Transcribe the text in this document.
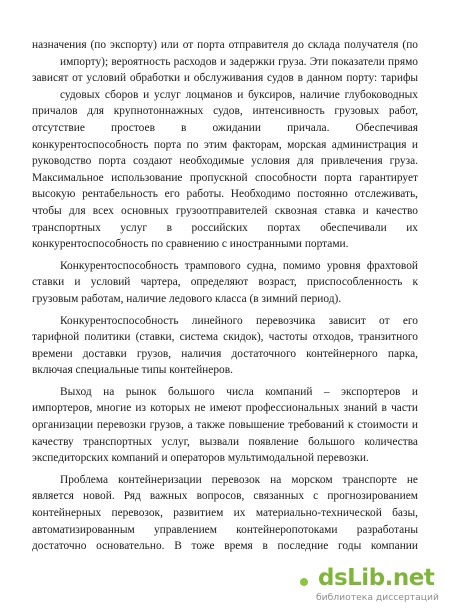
назначения (по экспорту) или от порта отправителя до склада получателя (по
импорту); вероятность расходов и задержки груза. Эти показатели прямо
зависят от условий обработки и обслуживания судов в данном порту: тарифы
судовых сборов и услуг лоцманов и буксиров, наличие глубоководных
причалов для крупнотоннажных судов, интенсивность грузовых работ,
отсутствие простоев в ожидании причала. Обеспечивая
конкурентоспособность порта по этим факторам, морская администрация и
руководство порта создают необходимые условия для привлечения груза.
Максимальное использование пропускной способности порта гарантирует
высокую рентабельность его работы. Необходимо постоянно отслеживать,
чтобы для всех основных грузоотправителей сквозная ставка и качество
транспортных услуг в российских портах обеспечивали их
конкурентоспособность по сравнению с иностранными портами.
Конкурентоспособность трампового судна, помимо уровня фрахтовой
ставки и условий чартера, определяют возраст, приспособленность к
грузовым работам, наличие ледового класса (в зимний период).
Конкурентоспособность линейного перевозчика зависит от его
тарифной политики (ставки, система скидок), частоты отходов, транзитного
времени доставки грузов, наличия достаточного контейнерного парка,
включая специальные типы контейнеров.
Выход на рынок большого числа компаний – экспортеров и
импортеров, многие из которых не имеют профессиональных знаний в части
организации перевозки грузов, а также повышение требований к стоимости и
качеству транспортных услуг, вызвали появление большого количества
экспедиторских компаний и операторов мультимодальной перевозки.
Проблема контейнеризации перевозок на морском транспорте не
является новой. Ряд важных вопросов, связанных с прогнозированием
контейнерных перевозок, развитием их материально-технической базы,
автоматизированным управлением контейнеропотоками разработаны
достаточно основательно. В тоже время в последние годы компании
dsLib.net
библиотека диссертаций
